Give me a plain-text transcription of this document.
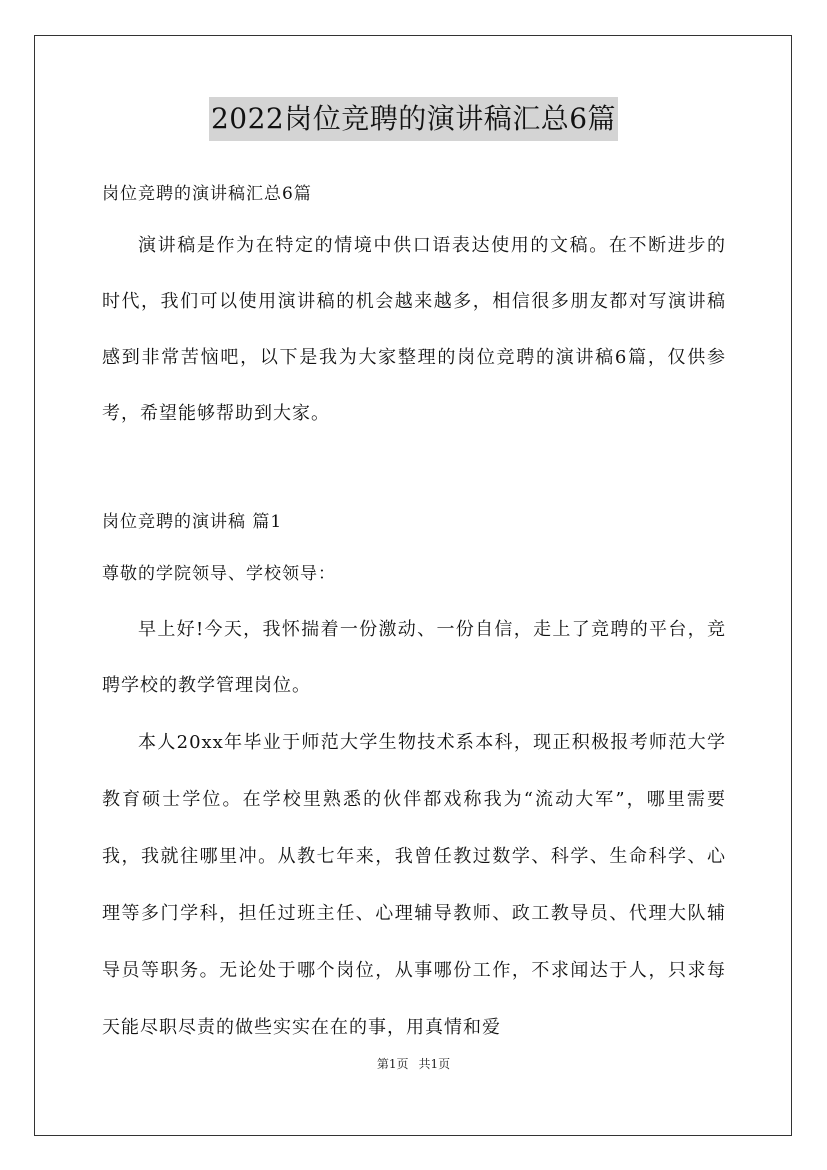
2022岗位竞聘的演讲稿汇总6篇

岗位竞聘的演讲稿汇总6篇

演讲稿是作为在特定的情境中供口语表达使用的文稿。在不断进步的时代，我们可以使用演讲稿的机会越来越多，相信很多朋友都对写演讲稿感到非常苦恼吧，以下是我为大家整理的岗位竞聘的演讲稿6篇，仅供参考，希望能够帮助到大家。

岗位竞聘的演讲稿 篇1

尊敬的学院领导、学校领导：

早上好!今天，我怀揣着一份激动、一份自信，走上了竞聘的平台，竞聘学校的教学管理岗位。

本人20xx年毕业于师范大学生物技术系本科，现正积极报考师范大学教育硕士学位。在学校里熟悉的伙伴都戏称我为“流动大军”，哪里需要我，我就往哪里冲。从教七年来，我曾任教过数学、科学、生命科学、心理等多门学科，担任过班主任、心理辅导教师、政工教导员、代理大队辅导员等职务。无论处于哪个岗位，从事哪份工作，不求闻达于人，只求每天能尽职尽责的做些实实在在的事，用真情和爱

第1页 共1页
